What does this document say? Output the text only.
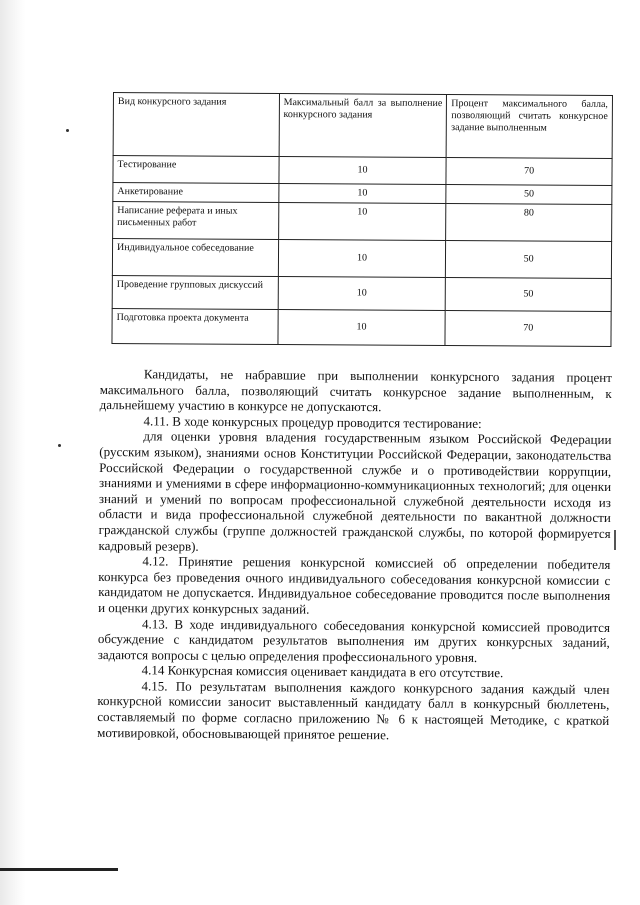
Вид конкурсного задания	Максимальный балл за выполнение конкурсного задания	Процент максимального балла, позволяющий считать конкурсное задание выполненным
Тестирование	10	70
Анкетирование	10	50
Написание реферата и иных письменных работ	10	80
Индивидуальное собеседование	10	50
Проведение групповых дискуссий	10	50
Подготовка проекта документа	10	70

Кандидаты, не набравшие при выполнении конкурсного задания процент максимального балла, позволяющий считать конкурсное задание выполненным, к дальнейшему участию в конкурсе не допускаются.

4.11. В ходе конкурсных процедур проводится тестирование:

для оценки уровня владения государственным языком Российской Федерации (русским языком), знаниями основ Конституции Российской Федерации, законодательства Российской Федерации о государственной службе и о противодействии коррупции, знаниями и умениями в сфере информационно-коммуникационных технологий; для оценки знаний и умений по вопросам профессиональной служебной деятельности исходя из области и вида профессиональной служебной деятельности по вакантной должности гражданской службы (группе должностей гражданской службы, по которой формируется кадровый резерв).

4.12. Принятие решения конкурсной комиссией об определении победителя конкурса без проведения очного индивидуального собеседования конкурсной комиссии с кандидатом не допускается. Индивидуальное собеседование проводится после выполнения и оценки других конкурсных заданий.

4.13. В ходе индивидуального собеседования конкурсной комиссией проводится обсуждение с кандидатом результатов выполнения им других конкурсных заданий, задаются вопросы с целью определения профессионального уровня.

4.14 Конкурсная комиссия оценивает кандидата в его отсутствие.

4.15. По результатам выполнения каждого конкурсного задания каждый член конкурсной комиссии заносит выставленный кандидату балл в конкурсный бюллетень, составляемый по форме согласно приложению № 6 к настоящей Методике, с краткой мотивировкой, обосновывающей принятое решение.
